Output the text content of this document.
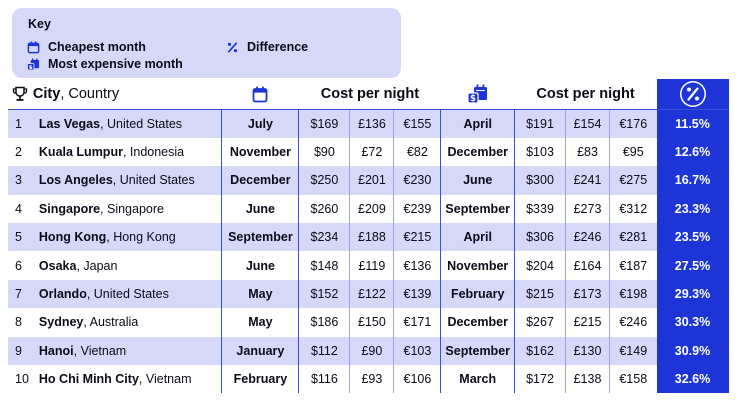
Key
Cheapest month
$ Most expensive month
Difference
	City, Country		Cost per night			$	Cost per night	
1	Las Vegas, United States	July	$169	£136	€155	April	$191	£154	€176	11.5%
2	Kuala Lumpur, Indonesia	November	$90	£72	€82	December	$103	£83	€95	12.6%
3	Los Angeles, United States	December	$250	£201	€230	June	$300	£241	€275	16.7%
4	Singapore, Singapore	June	$260	£209	€239	September	$339	£273	€312	23.3%
5	Hong Kong, Hong Kong	September	$234	£188	€215	April	$306	£246	€281	23.5%
6	Osaka, Japan	June	$148	£119	€136	November	$204	£164	€187	27.5%
7	Orlando, United States	May	$152	£122	€139	February	$215	£173	€198	29.3%
8	Sydney, Australia	May	$186	£150	€171	December	$267	£215	€246	30.3%
9	Hanoi, Vietnam	January	$112	£90	€103	September	$162	£130	€149	30.9%
10	Ho Chi Minh City, Vietnam	February	$116	£93	€106	March	$172	£138	€158	32.6%
